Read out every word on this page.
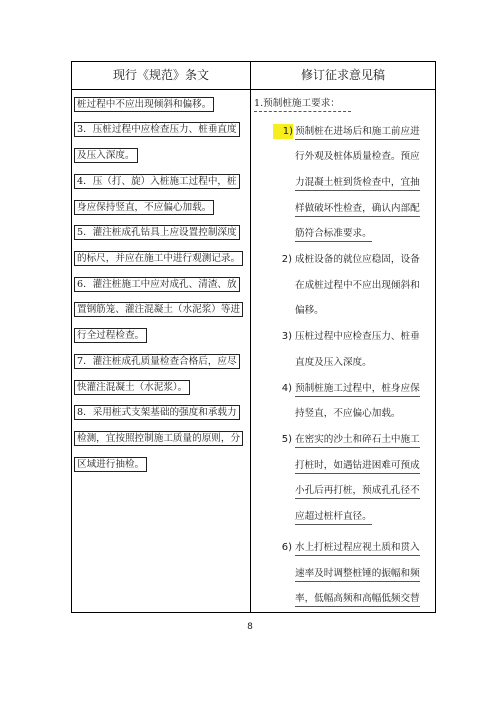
现行《规范》条文	修订征求意见稿
桩过程中不应出现倾斜和偏移。
3．压桩过程中应检查压力、桩垂直度
及压入深度。
4．压（打、旋）入桩施工过程中，桩
身应保持竖直，不应偏心加载。
5．灌注桩成孔钻具上应设置控制深度
的标尺，并应在施工中进行观测记录。
6．灌注桩施工中应对成孔、清渣、放
置钢筋笼、灌注混凝土（水泥浆）等进
行全过程检查。
7．灌注桩成孔质量检查合格后，应尽
快灌注混凝土（水泥浆）。
8．采用桩式支架基础的强度和承载力
检测，宜按照控制施工质量的原则，分
区域进行抽检。
1.预制桩施工要求：
1) 预制桩在进场后和施工前应进
行外观及桩体质量检查。预应
力混凝土桩到货检查中，宜抽
样做破坏性检查，确认内部配
筋符合标准要求。
2) 成桩设备的就位应稳固，设备
在成桩过程中不应出现倾斜和
偏移。
3) 压桩过程中应检查压力、桩垂
直度及压入深度。
4) 预制桩施工过程中，桩身应保
持竖直，不应偏心加载。
5) 在密实的沙土和碎石土中施工
打桩时，如遇钻进困难可预成
小孔后再打桩，预成孔孔径不
应超过桩杆直径。
6) 水上打桩过程应视土质和贯入
速率及时调整桩锤的振幅和频
率，低幅高频和高幅低频交替
8
